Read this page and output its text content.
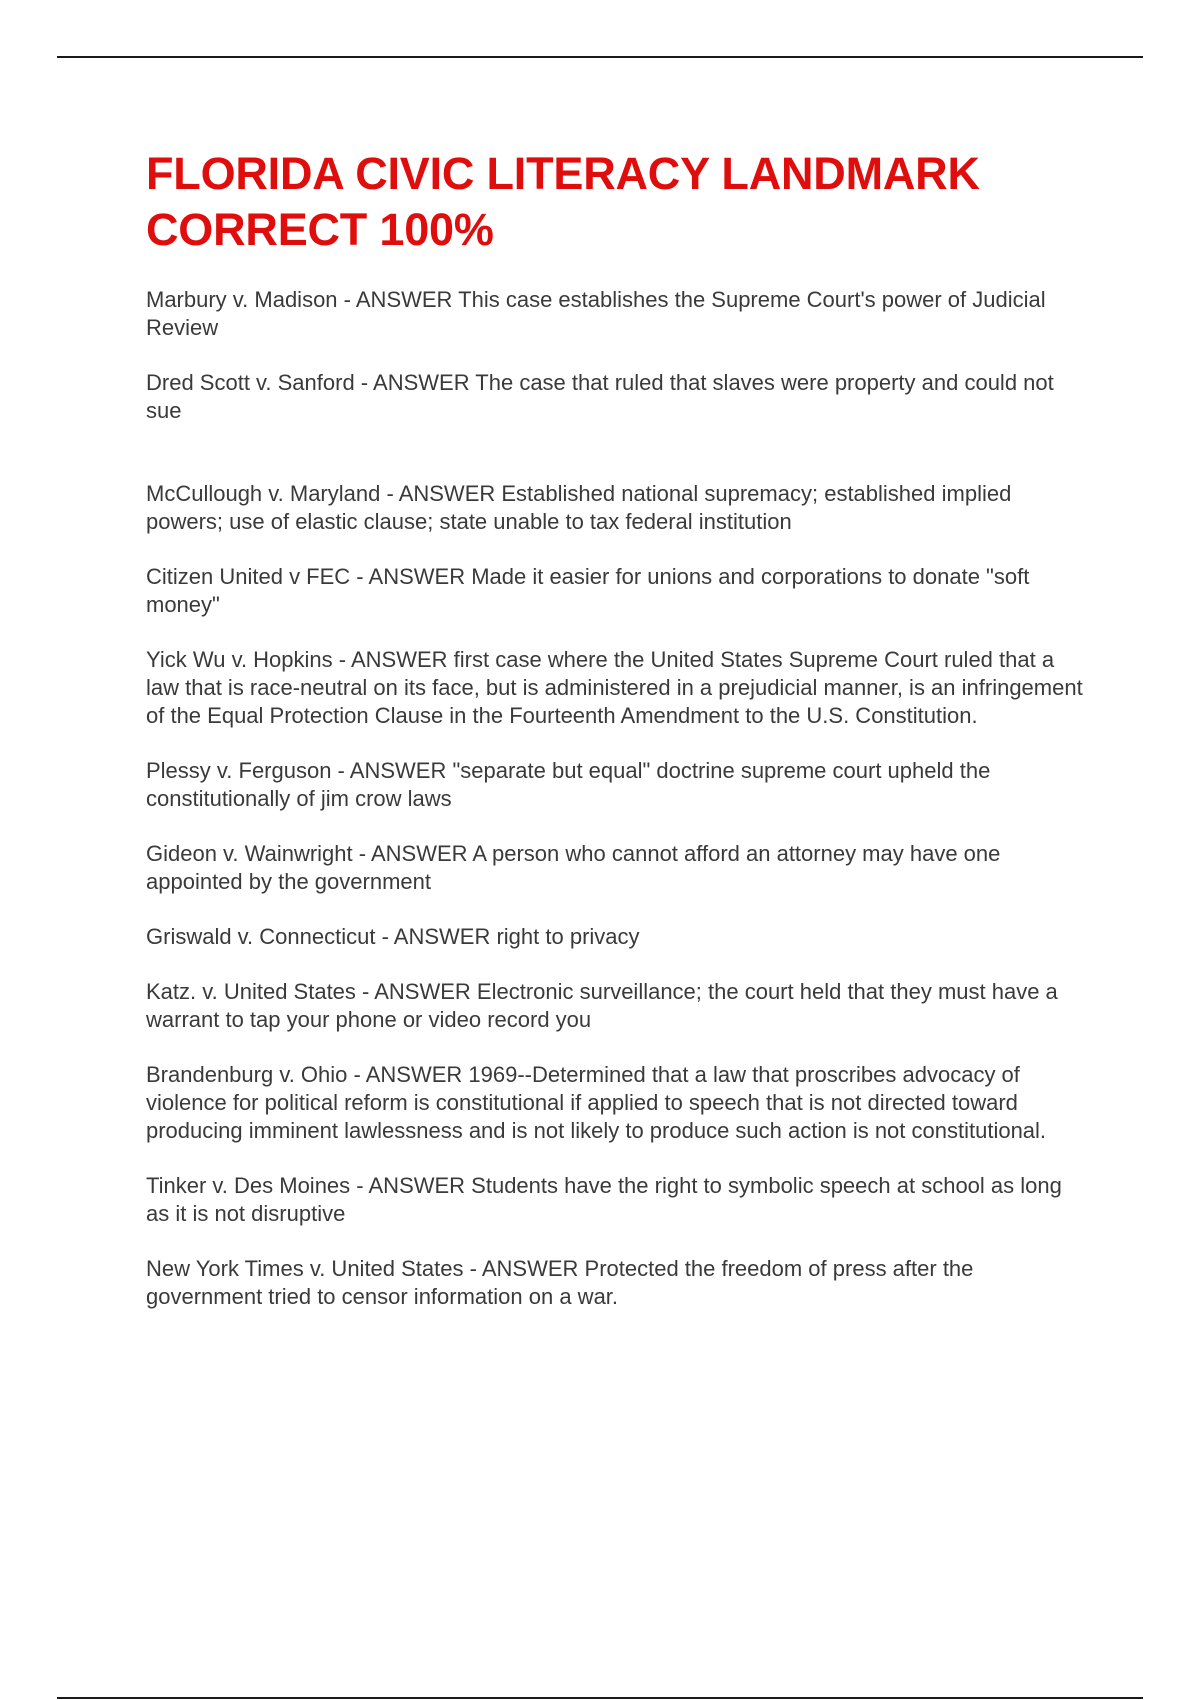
FLORIDA CIVIC LITERACY LANDMARK CORRECT 100%

Marbury v. Madison - ANSWER This case establishes the Supreme Court's power of Judicial Review

Dred Scott v. Sanford - ANSWER The case that ruled that slaves were property and could not sue

McCullough v. Maryland - ANSWER Established national supremacy; established implied powers; use of elastic clause; state unable to tax federal institution

Citizen United v FEC - ANSWER Made it easier for unions and corporations to donate "soft money"

Yick Wu v. Hopkins - ANSWER first case where the United States Supreme Court ruled that a law that is race-neutral on its face, but is administered in a prejudicial manner, is an infringement of the Equal Protection Clause in the Fourteenth Amendment to the U.S. Constitution.

Plessy v. Ferguson - ANSWER "separate but equal" doctrine supreme court upheld the constitutionally of jim crow laws

Gideon v. Wainwright - ANSWER A person who cannot afford an attorney may have one appointed by the government

Griswald v. Connecticut - ANSWER right to privacy

Katz. v. United States - ANSWER Electronic surveillance; the court held that they must have a warrant to tap your phone or video record you

Brandenburg v. Ohio - ANSWER 1969--Determined that a law that proscribes advocacy of violence for political reform is constitutional if applied to speech that is not directed toward producing imminent lawlessness and is not likely to produce such action is not constitutional.

Tinker v. Des Moines - ANSWER Students have the right to symbolic speech at school as long as it is not disruptive

New York Times v. United States - ANSWER Protected the freedom of press after the government tried to censor information on a war.
